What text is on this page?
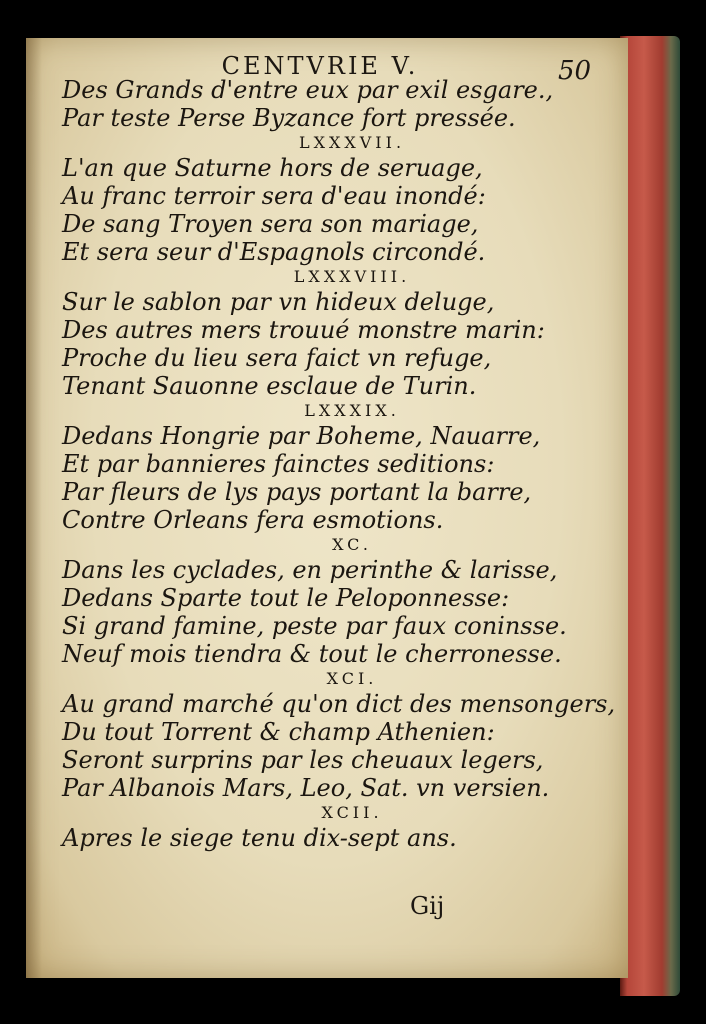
CENTVRIE V.	50
Des Grands d'entre eux par exil esgare.,
Par teste Perse Byzance fort pressée.
LXXXVII.
L'an que Saturne hors de seruage,
Au franc terroir sera d'eau inondé:
De sang Troyen sera son mariage,
Et sera seur d'Espagnols circondé.
LXXXVIII.
Sur le sablon par vn hideux deluge,
Des autres mers trouué monstre marin:
Proche du lieu sera faict vn refuge,
Tenant Sauonne esclaue de Turin.
LXXXIX.
Dedans Hongrie par Boheme, Nauarre,
Et par bannieres fainctes seditions:
Par fleurs de lys pays portant la barre,
Contre Orleans fera esmotions.
XC.
Dans les cyclades, en perinthe & larisse,
Dedans Sparte tout le Peloponnesse:
Si grand famine, peste par faux coninsse.
Neuf mois tiendra & tout le cherronesse.
XCI.
Au grand marché qu'on dict des mensongers,
Du tout Torrent & champ Athenien:
Seront surprins par les cheuaux legers,
Par Albanois Mars, Leo, Sat. vn versien.
XCII.
Apres le siege tenu dix-sept ans.
Gij
